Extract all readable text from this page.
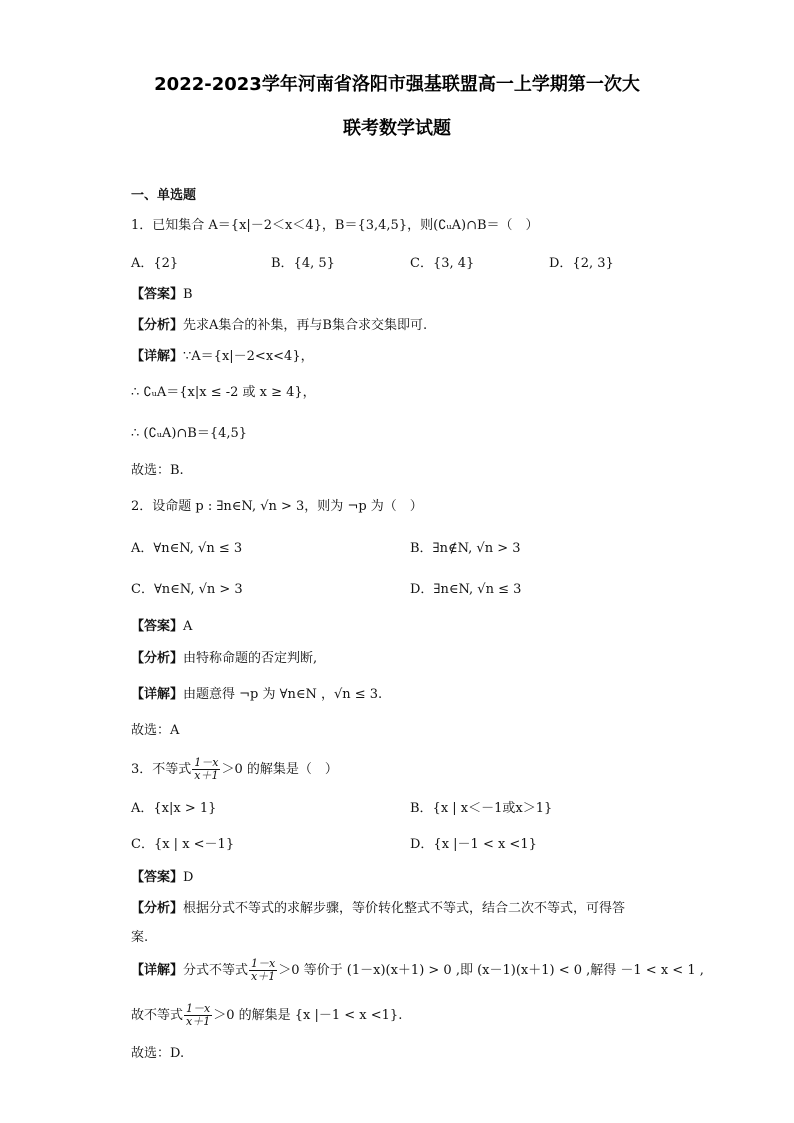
2022-2023学年河南省洛阳市强基联盟高一上学期第一次大
联考数学试题
一、单选题
1．已知集合 A＝{x|－2＜x＜4}，B＝{3,4,5}，则(∁ᵤA)∩B＝（　）
A．{2}	B．{4, 5}	C．{3, 4}	D．{2, 3}
【答案】B
【分析】先求A集合的补集，再与B集合求交集即可.
【详解】∵A＝{x|－2<x<4}，
∴ ∁ᵤA＝{x|x ≤ -2 或 x ≥ 4}，
∴ (∁ᵤA)∩B＝{4,5}
故选：B.
2．设命题 p : ∃n∈N, √n > 3，则为 ¬p 为（　）
A．∀n∈N, √n ≤ 3	B．∃n∉N, √n > 3
C．∀n∈N, √n > 3	D．∃n∈N, √n ≤ 3
【答案】A
【分析】由特称命题的否定判断,
【详解】由题意得 ¬p 为 ∀n∈N ，√n ≤ 3.
故选：A
3．不等式 $\frac{1-x}{x+1} >0$ 的解集是（　）
A．{x|x > 1}	B．{x | x＜－1或x＞1}
C．{x | x <－1}	D．{x |－1 < x <1}
【答案】D
【分析】根据分式不等式的求解步骤，等价转化整式不等式，结合二次不等式，可得答
案.
【详解】分式不等式 $\frac{1-x}{x+1} >0$ 等价于 (1－x)(x＋1) > 0 ,即 (x－1)(x＋1) < 0 ,解得 －1 < x < 1 ,
故不等式 $\frac{1-x}{x+1} >0$ 的解集是 {x |－1 < x <1}.
故选：D.
